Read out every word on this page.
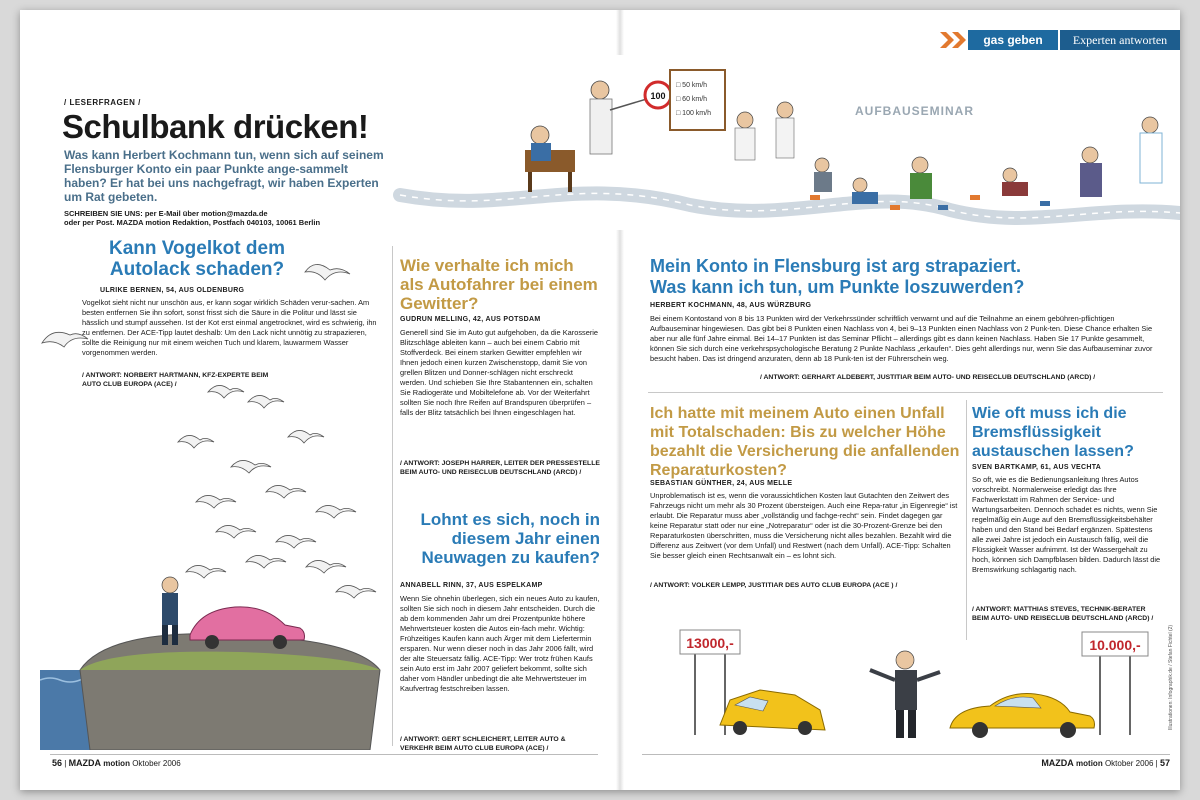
gas geben	Experten antworten
/ LESERFRAGEN /
Schulbank drücken!
Was kann Herbert Kochmann tun, wenn sich auf seinem Flensburger Konto ein paar Punkte ange-sammelt haben? Er hat bei uns nachgefragt, wir haben Experten um Rat gebeten.
SCHREIBEN SIE UNS: per E-Mail über motion@mazda.de
oder per Post. MAZDA motion Redaktion, Postfach 040103, 10061 Berlin
100
□ 50 km/h
□ 60 km/h
□ 100 km/h	AUFBAUSEMINAR
Kann Vogelkot dem Autolack schaden?
ULRIKE BERNEN, 54, AUS OLDENBURG
Vogelkot sieht nicht nur unschön aus, er kann sogar wirklich Schäden verur-sachen. Am besten entfernen Sie ihn sofort, sonst frisst sich die Säure in die Politur und lässt sie hässlich und stumpf aussehen. Ist der Kot erst einmal angetrocknet, wird es schwierig, ihn zu entfernen. Der ACE-Tipp lautet deshalb: Um den Lack nicht unnötig zu strapazieren, sollte die Reinigung nur mit einem weichen Tuch und klarem, lauwarmem Wasser vorgenommen werden.
/ ANTWORT: NORBERT HARTMANN, KFZ-EXPERTE BEIM AUTO CLUB EUROPA (ACE) /
Wie verhalte ich mich als Autofahrer bei einem Gewitter?
GUDRUN MELLING, 42, AUS POTSDAM
Generell sind Sie im Auto gut aufgehoben, da die Karosserie Blitzschläge ableiten kann – auch bei einem Cabrio mit Stoffverdeck. Bei einem starken Gewitter empfehlen wir Ihnen jedoch einen kurzen Zwischenstopp, damit Sie von grellen Blitzen und Donner-schlägen nicht erschreckt werden. Und schieben Sie Ihre Stabantennen ein, schalten Sie Radiogeräte und Mobiltelefone ab. Vor der Weiterfahrt sollten Sie noch Ihre Reifen auf Brandspuren überprüfen – falls der Blitz tatsächlich bei Ihnen eingeschlagen hat.
/ ANTWORT: JOSEPH HARRER, LEITER DER PRESSESTELLE BEIM AUTO- UND REISECLUB DEUTSCHLAND (ARCD) /
Lohnt es sich, noch in diesem Jahr einen Neuwagen zu kaufen?
ANNABELL RINN, 37, AUS ESPELKAMP
Wenn Sie ohnehin überlegen, sich ein neues Auto zu kaufen, sollten Sie sich noch in diesem Jahr entscheiden. Durch die ab dem kommenden Jahr um drei Prozentpunkte höhere Mehrwertsteuer kosten die Autos ein-fach mehr. Wichtig: Frühzeitiges Kaufen kann auch Ärger mit dem Liefertermin ersparen. Nur wenn dieser noch in das Jahr 2006 fällt, wird der alte Steuersatz fällig. ACE-Tipp: Wer trotz frühen Kaufs sein Auto erst im Jahr 2007 geliefert bekommt, sollte sich daher vom Händler unbedingt die alte Mehrwertsteuer im Kaufvertrag festschreiben lassen.
/ ANTWORT: GERT SCHLEICHERT, LEITER AUTO & VERKEHR BEIM AUTO CLUB EUROPA (ACE) /
Mein Konto in Flensburg ist arg strapaziert.
Was kann ich tun, um Punkte loszuwerden?
HERBERT KOCHMANN, 48, AUS WÜRZBURG
Bei einem Kontostand von 8 bis 13 Punkten wird der Verkehrssünder schriftlich verwarnt und auf die Teilnahme an einem gebühren-pflichtigen Aufbauseminar hingewiesen. Das gibt bei 8 Punkten einen Nachlass von 4, bei 9–13 Punkten einen Nachlass von 2 Punk-ten. Diese Chance erhalten Sie aber nur alle fünf Jahre einmal. Bei 14–17 Punkten ist das Seminar Pflicht – allerdings gibt es dann keinen Nachlass. Haben Sie 17 Punkte gesammelt, können Sie sich durch eine verkehrspsychologische Beratung 2 Punkte Nachlass „erkaufen“. Dies geht allerdings nur, wenn Sie das Aufbauseminar zuvor besucht haben. Das ist dringend anzuraten, denn ab 18 Punk-ten ist der Führerschein weg.
/ ANTWORT: GERHART ALDEBERT, JUSTITIAR BEIM AUTO- UND REISECLUB DEUTSCHLAND (ARCD) /
Ich hatte mit meinem Auto einen Unfall mit Totalschaden: Bis zu welcher Höhe bezahlt die Versicherung die anfallenden Reparaturkosten?
SEBASTIAN GÜNTHER, 24, AUS MELLE
Unproblematisch ist es, wenn die voraussichtlichen Kosten laut Gutachten den Zeitwert des Fahrzeugs nicht um mehr als 30 Prozent übersteigen. Auch eine Repa-ratur „in Eigenregie“ ist erlaubt. Die Reparatur muss aber „vollständig und fachge-recht“ sein. Findet dagegen gar keine Reparatur statt oder nur eine „Notreparatur“ oder ist die 30-Prozent-Grenze bei den Reparaturkosten überschritten, muss die Versicherung nicht alles bezahlen. Bezahlt wird die Differenz aus Zeitwert (vor dem Unfall) und Restwert (nach dem Unfall). ACE-Tipp: Schalten Sie besser gleich einen Rechtsanwalt ein – es lohnt sich.
/ ANTWORT: VOLKER LEMPP, JUSTITIAR DES AUTO CLUB EUROPA (ACE ) /
Wie oft muss ich die Bremsflüssigkeit austauschen lassen?
SVEN BARTKAMP, 61, AUS VECHTA
So oft, wie es die Bedienungsanleitung Ihres Autos vorschreibt. Normalerweise erledigt das Ihre Fachwerkstatt im Rahmen der Service- und Wartungsarbeiten. Dennoch schadet es nichts, wenn Sie regelmäßig ein Auge auf den Bremsflüssigkeitsbehälter haben und den Stand bei Bedarf ergänzen. Spätestens alle zwei Jahre ist jedoch ein Austausch fällig, weil die Flüssigkeit Wasser aufnimmt. Ist der Wassergehalt zu hoch, können sich Dampfblasen bilden. Dadurch lässt die Bremswirkung schlagartig nach.
/ ANTWORT: MATTHIAS STEVES, TECHNIK-BERATER BEIM AUTO- UND REISECLUB DEUTSCHLAND (ARCD) /
13000,-	10.000,-	Illustrationen: Infographik.de / Stefan Fichtel (2)
56 | MAZDA motion Oktober 2006	MAZDA motion Oktober 2006 | 57
